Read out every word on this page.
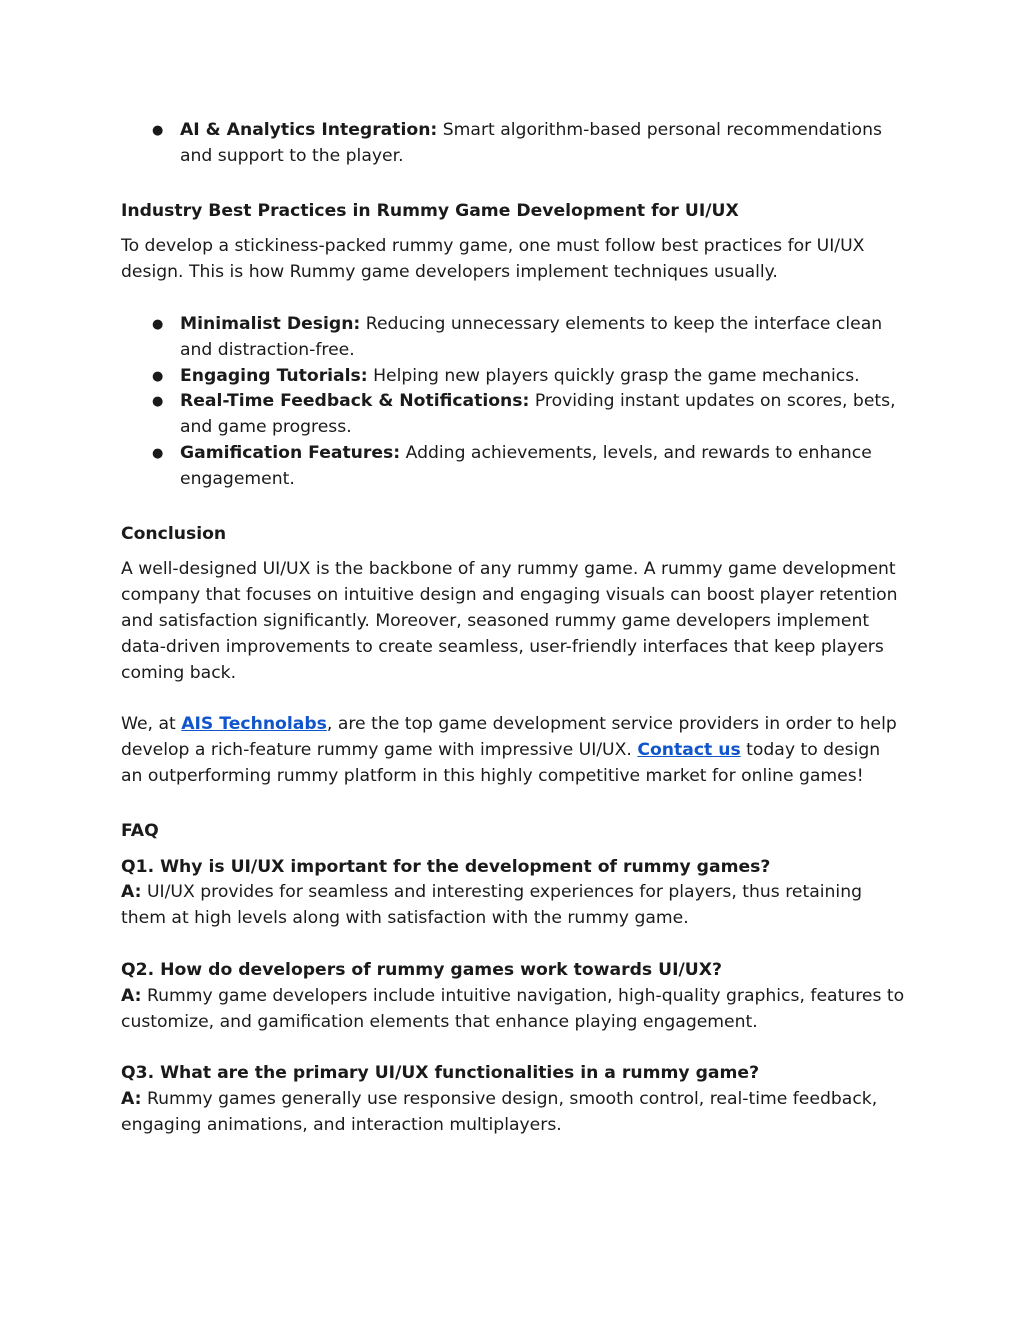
● AI & Analytics Integration: Smart algorithm-based personal recommendations and support to the player.
Industry Best Practices in Rummy Game Development for UI/UX

To develop a stickiness-packed rummy game, one must follow best practices for UI/UX design. This is how Rummy game developers implement techniques usually.

● Minimalist Design: Reducing unnecessary elements to keep the interface clean and distraction-free.
● Engaging Tutorials: Helping new players quickly grasp the game mechanics.
● Real-Time Feedback & Notifications: Providing instant updates on scores, bets, and game progress.
● Gamification Features: Adding achievements, levels, and rewards to enhance engagement.
Conclusion

A well-designed UI/UX is the backbone of any rummy game. A rummy game development company that focuses on intuitive design and engaging visuals can boost player retention and satisfaction significantly. Moreover, seasoned rummy game developers implement data-driven improvements to create seamless, user-friendly interfaces that keep players coming back.

We, at AIS Technolabs, are the top game development service providers in order to help develop a rich-feature rummy game with impressive UI/UX. Contact us today to design an outperforming rummy platform in this highly competitive market for online games!

FAQ

Q1. Why is UI/UX important for the development of rummy games?

A: UI/UX provides for seamless and interesting experiences for players, thus retaining them at high levels along with satisfaction with the rummy game.

Q2. How do developers of rummy games work towards UI/UX?

A: Rummy game developers include intuitive navigation, high-quality graphics, features to customize, and gamification elements that enhance playing engagement.

Q3. What are the primary UI/UX functionalities in a rummy game?

A: Rummy games generally use responsive design, smooth control, real-time feedback, engaging animations, and interaction multiplayers.
